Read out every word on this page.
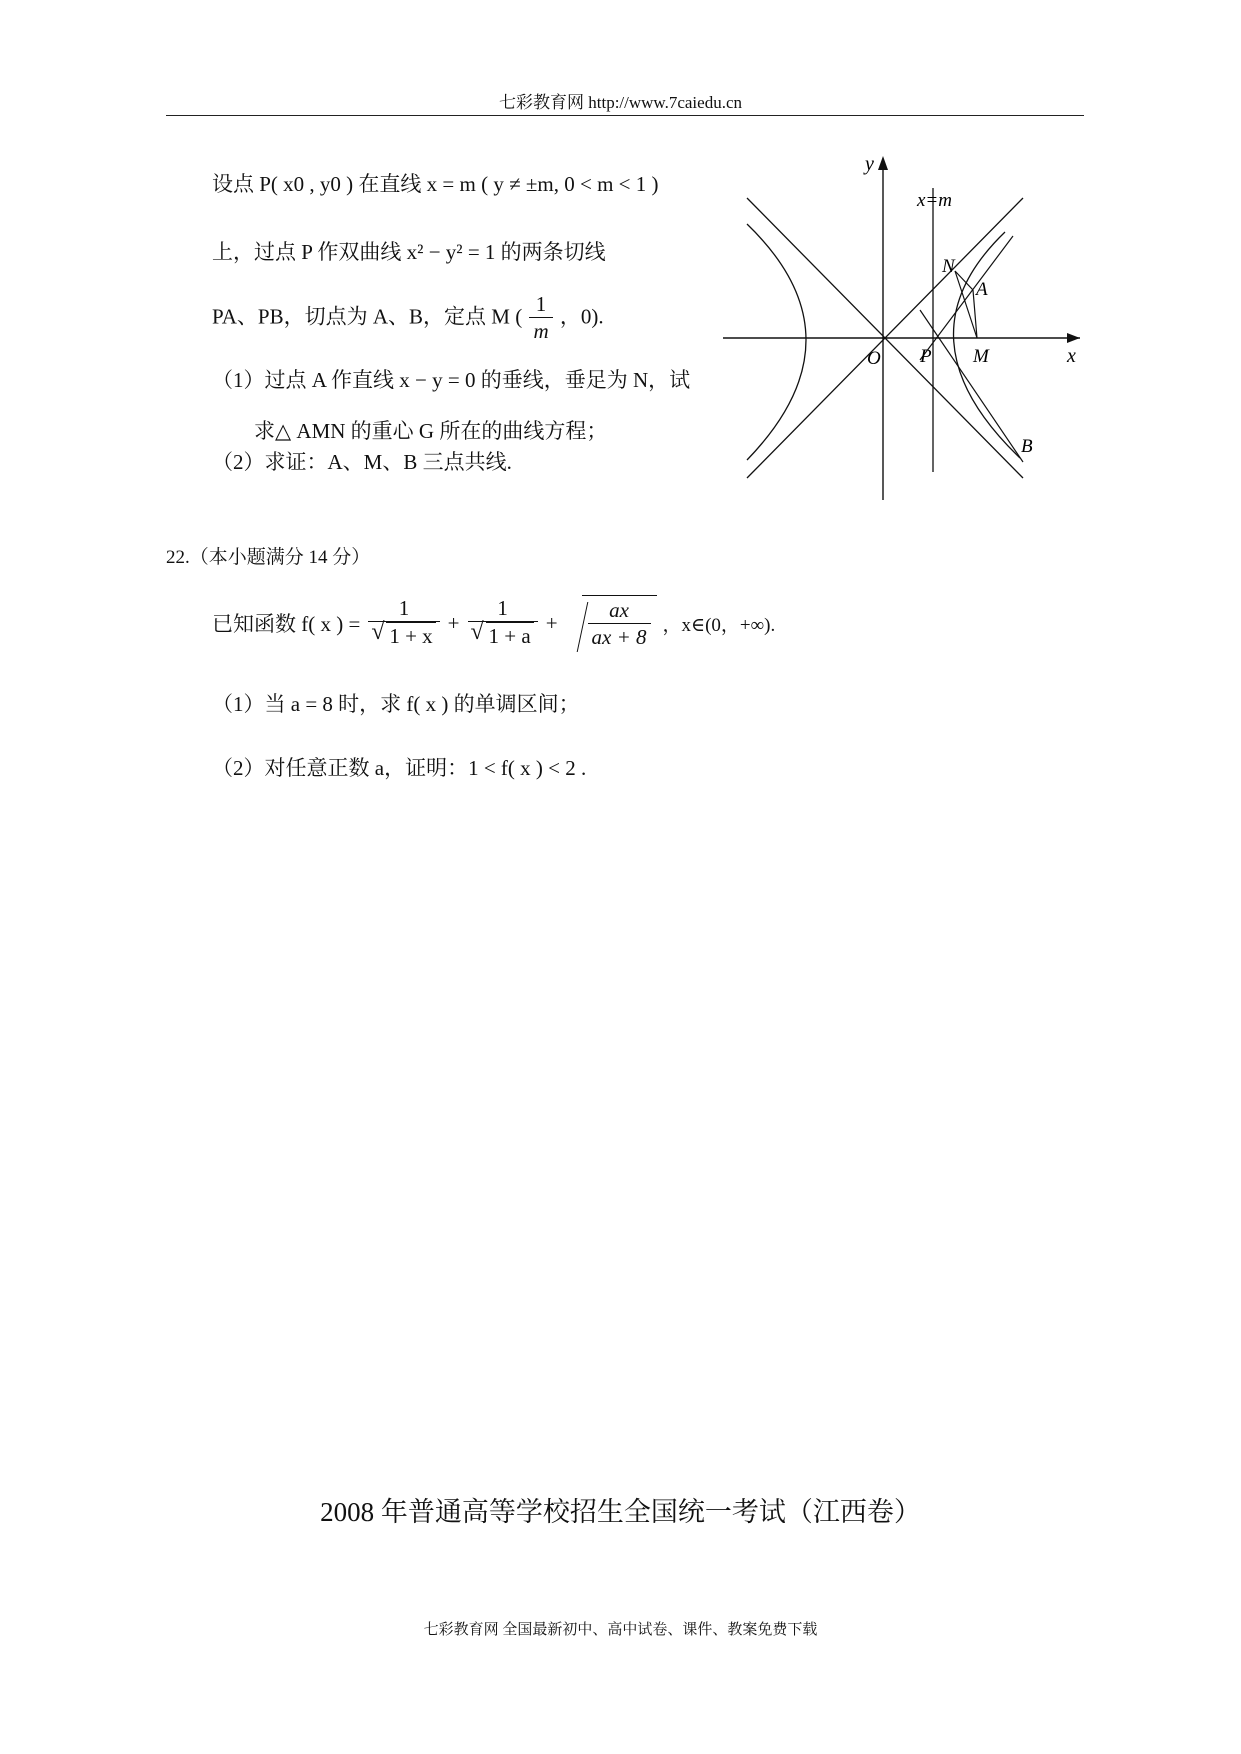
七彩教育网 http://www.7caiedu.cn
设点 P( x0 , y0 ) 在直线 x = m ( y ≠ ±m, 0 < m < 1 )
上，过点 P 作双曲线 x² − y² = 1 的两条切线
PA、PB，切点为 A、B，定点 M ( $\frac{1}{m}$ ，0).
（1）过点 A 作直线 x − y = 0 的垂线，垂足为 N，试
求△ AMN 的重心 G 所在的曲线方程；
（2）求证：A、M、B 三点共线.
y
x
x=m
N
A
O P M
B
22.（本小题满分 14 分）
已知函数 f( x ) = 1
√ 1 + x + 1
√ $1 + a + \frac{ax}{ax + 8}$ ，x∈(0，+∞).
（1）当 a = 8 时，求 f( x ) 的单调区间；
（2）对任意正数 a，证明：1 < f( x ) < 2 .
2008 年普通高等学校招生全国统一考试（江西卷）
七彩教育网 全国最新初中、高中试卷、课件、教案免费下载
